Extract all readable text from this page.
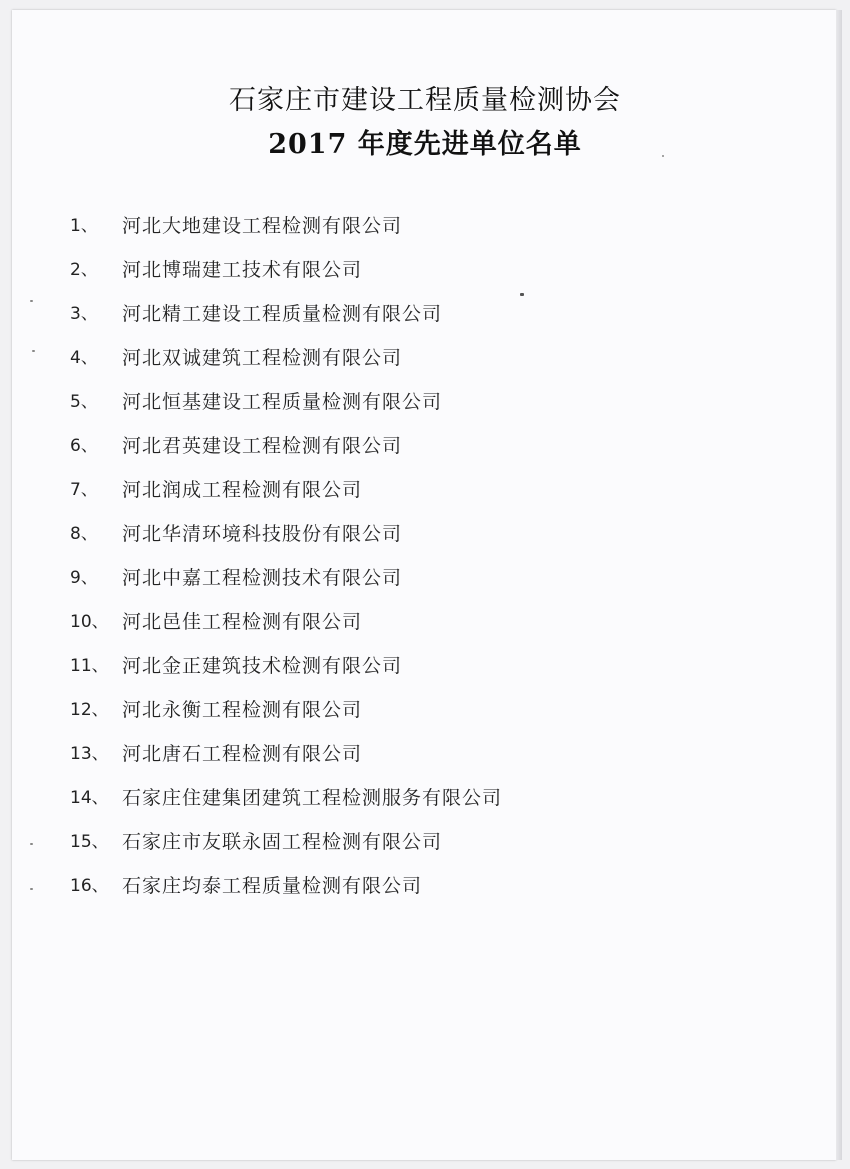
石家庄市建设工程质量检测协会
2017 年度先进单位名单
1、	河北大地建设工程检测有限公司
2、	河北博瑞建工技术有限公司
3、	河北精工建设工程质量检测有限公司
4、	河北双诚建筑工程检测有限公司
5、	河北恒基建设工程质量检测有限公司
6、	河北君英建设工程检测有限公司
7、	河北润成工程检测有限公司
8、	河北华清环境科技股份有限公司
9、	河北中嘉工程检测技术有限公司
10、 河北邑佳工程检测有限公司
11、 河北金正建筑技术检测有限公司
12、 河北永衡工程检测有限公司
13、 河北唐石工程检测有限公司
14、 石家庄住建集团建筑工程检测服务有限公司
15、 石家庄市友联永固工程检测有限公司
16、 石家庄均泰工程质量检测有限公司
